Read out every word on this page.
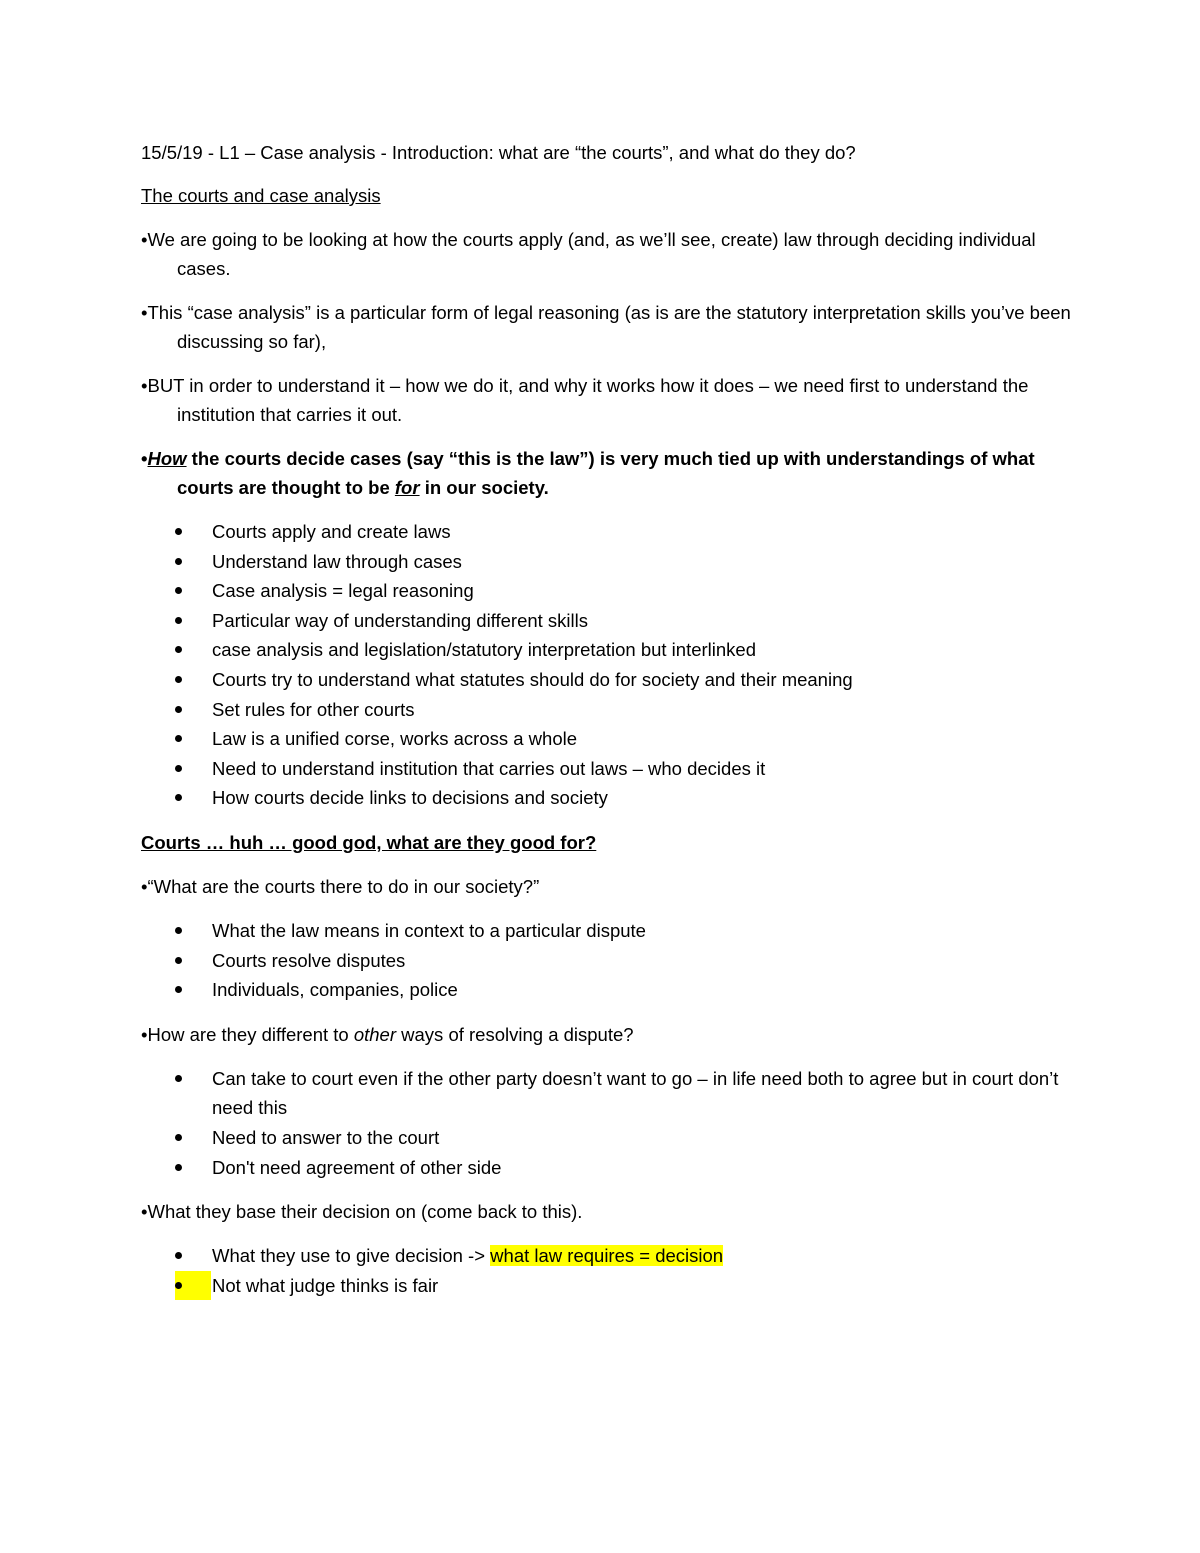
15/5/19 - L1 – Case analysis - Introduction: what are “the courts”, and what do they do?

The courts and case analysis

•We are going to be looking at how the courts apply (and, as we’ll see, create) law through deciding individual cases.

•This “case analysis” is a particular form of legal reasoning (as is are the statutory interpretation skills you’ve been discussing so far),

•BUT in order to understand it – how we do it, and why it works how it does – we need first to understand the institution that carries it out.

•How the courts decide cases (say “this is the law”) is very much tied up with understandings of what courts are thought to be for in our society.

Courts apply and create laws
Understand law through cases
Case analysis = legal reasoning
Particular way of understanding different skills
case analysis and legislation/statutory interpretation but interlinked
Courts try to understand what statutes should do for society and their meaning
Set rules for other courts
Law is a unified corse, works across a whole
Need to understand institution that carries out laws – who decides it
How courts decide links to decisions and society

Courts … huh … good god, what are they good for?

•“What are the courts there to do in our society?”

What the law means in context to a particular dispute
Courts resolve disputes
Individuals, companies, police

•How are they different to other ways of resolving a dispute?

Can take to court even if the other party doesn’t want to go – in life need both to agree but in court don’t need this
Need to answer to the court
Don't need agreement of other side

•What they base their decision on (come back to this).

What they use to give decision -> what law requires = decision
Not what judge thinks is fair
